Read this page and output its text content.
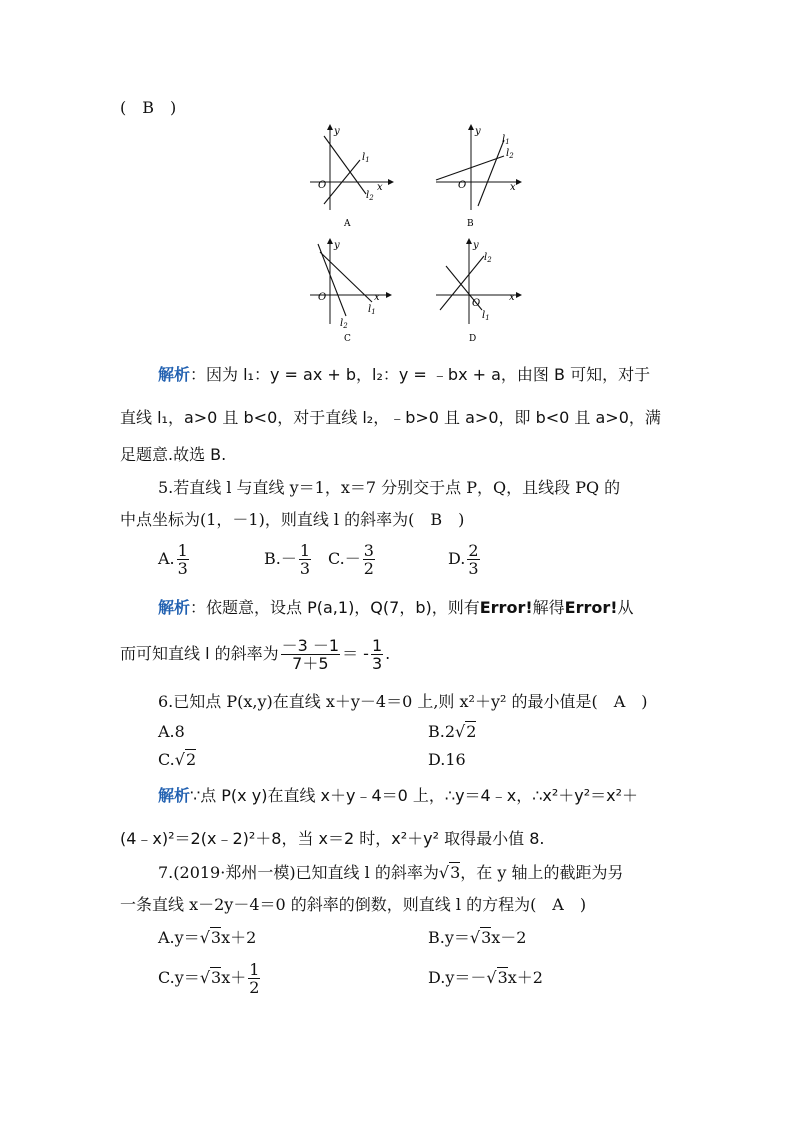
(　B　)
y
x
O
$l_1$
$l_2$
A
y
x
O
$l_1$
$l_2$
B
y
x
O
$l_1$
$l_2$
C
y
x
O
$l_1$
$l_2$
D
解析：因为 l₁：y = ax + b，l₂：y = ﹣bx + a，由图 B 可知，对于
直线 l₁，a>0 且 b<0，对于直线 l₂，﹣b>0 且 a>0，即 b<0 且 a>0，满
足题意.故选 B.
5.若直线 l 与直线 y＝1，x＝7 分别交于点 P，Q，且线段 PQ 的
中点坐标为(1，－1)，则直线 l 的斜率为(　B　)
A. $\frac{1}{3}$	$B.- \frac{1}{3} C.- \frac{3}{2}$	D. $\frac{2}{3}$
解析：依题意，设点 P(a,1)，Q(7，b)，则有Error!解得Error!从
而可知直线 l 的斜率为 $\frac{-3 -1}{7+5}$ ＝ - $\frac{1}{3}$ .
6.已知点 P(x,y)在直线 x＋y－4＝0 上,则 x²＋y² 的最小值是(　A　)
A.8	B.2√2
C.√2	D.16
解析∵点 P(x y)在直线 x＋y﹣4＝0 上，∴y＝4﹣x，∴x²＋y²＝x²＋
(4﹣x)²＝2(x﹣2)²＋8，当 x＝2 时，x²＋y² 取得最小值 8.
7.(2019·郑州一模)已知直线 l 的斜率为√3，在 y 轴上的截距为另
一条直线 x－2y－4＝0 的斜率的倒数，则直线 l 的方程为(　A　)
A.y＝√3x＋2	B.y＝√3x－2
$C.y=√3x+ \frac{1}{2}$	D.y＝－√3x＋2
